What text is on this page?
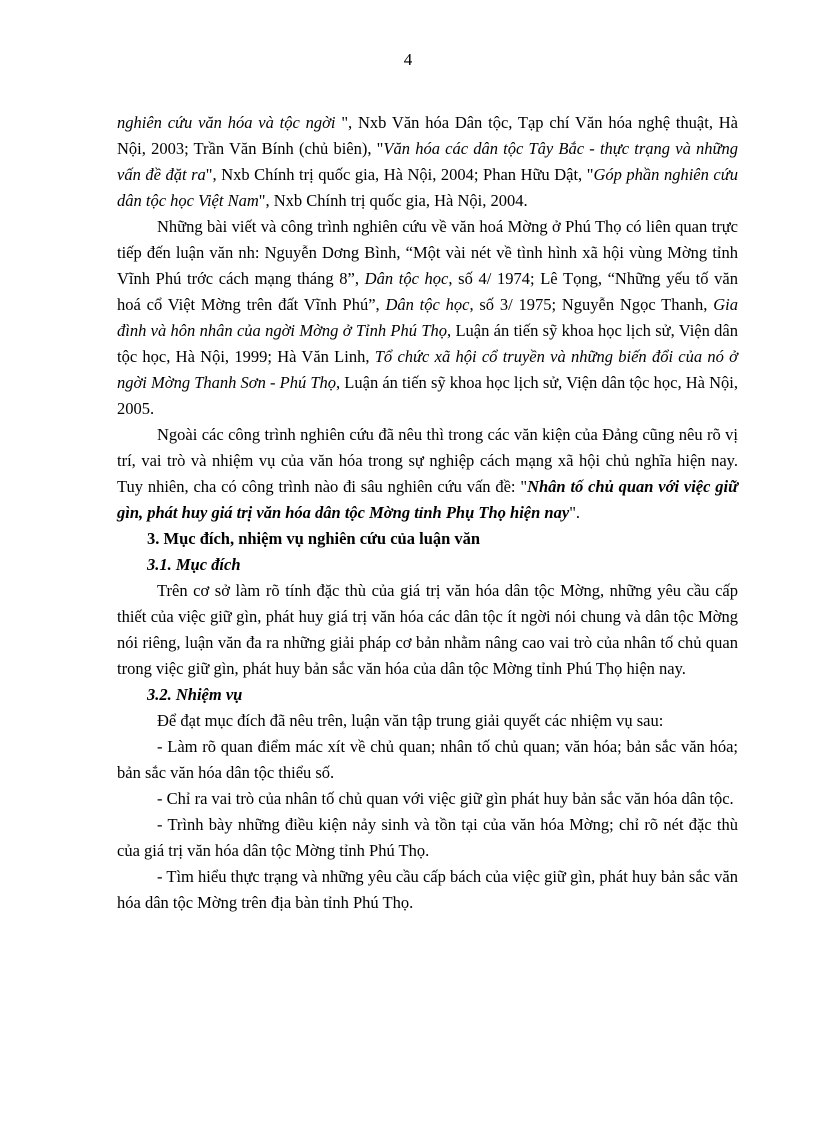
4

nghiên cứu văn hóa và tộc ngời ", Nxb Văn hóa Dân tộc, Tạp chí Văn hóa nghệ thuật, Hà Nội, 2003; Trần Văn Bính (chủ biên), "Văn hóa các dân tộc Tây Bắc - thực trạng và những vấn đề đặt ra", Nxb Chính trị quốc gia, Hà Nội, 2004; Phan Hữu Dật, "Góp phần nghiên cứu dân tộc học Việt Nam", Nxb Chính trị quốc gia, Hà Nội, 2004.

Những bài viết và công trình nghiên cứu về văn hoá Mờng ở Phú Thọ có liên quan trực tiếp đến luận văn nh: Nguyễn Dơng Bình, “Một vài nét về tình hình xã hội vùng Mờng tỉnh Vĩnh Phú trớc cách mạng tháng 8”, Dân tộc học, số 4/ 1974; Lê Tọng, “Những yếu tố văn hoá cổ Việt Mờng trên đất Vĩnh Phú”, Dân tộc học, số 3/ 1975; Nguyễn Ngọc Thanh, Gia đình và hôn nhân của ngời Mờng ở Tỉnh Phú Thọ, Luận án tiến sỹ khoa học lịch sử, Viện dân tộc học, Hà Nội, 1999; Hà Văn Linh, Tổ chức xã hội cổ truyền và những biến đổi của nó ở ngời Mờng Thanh Sơn - Phú Thọ, Luận án tiến sỹ khoa học lịch sử, Viện dân tộc học, Hà Nội, 2005.

Ngoài các công trình nghiên cứu đã nêu thì trong các văn kiện của Đảng cũng nêu rõ vị trí, vai trò và nhiệm vụ của văn hóa trong sự nghiệp cách mạng xã hội chủ nghĩa hiện nay. Tuy nhiên, cha có công trình nào đi sâu nghiên cứu vấn đề: "Nhân tố chủ quan với việc giữ gìn, phát huy giá trị văn hóa dân tộc Mờng tỉnh Phụ Thọ hiện nay".

3. Mục đích, nhiệm vụ nghiên cứu của luận văn

3.1. Mục đích

Trên cơ sở làm rõ tính đặc thù của giá trị văn hóa dân tộc Mờng, những yêu cầu cấp thiết của việc giữ gìn, phát huy giá trị văn hóa các dân tộc ít ngời nói chung và dân tộc Mờng nói riêng, luận văn đa ra những giải pháp cơ bản nhằm nâng cao vai trò của nhân tố chủ quan trong việc giữ gìn, phát huy bản sắc văn hóa của dân tộc Mờng tỉnh Phú Thọ hiện nay.

3.2. Nhiệm vụ

Để đạt mục đích đã nêu trên, luận văn tập trung giải quyết các nhiệm vụ sau:

- Làm rõ quan điểm mác xít về chủ quan; nhân tố chủ quan; văn hóa; bản sắc văn hóa; bản sắc văn hóa dân tộc thiểu số.

- Chỉ ra vai trò của nhân tố chủ quan với việc giữ gìn phát huy bản sắc văn hóa dân tộc.

- Trình bày những điều kiện nảy sinh và tồn tại của văn hóa Mờng; chỉ rõ nét đặc thù của giá trị văn hóa dân tộc Mờng tỉnh Phú Thọ.

- Tìm hiểu thực trạng và những yêu cầu cấp bách của việc giữ gìn, phát huy bản sắc văn hóa dân tộc Mờng trên địa bàn tỉnh Phú Thọ.
